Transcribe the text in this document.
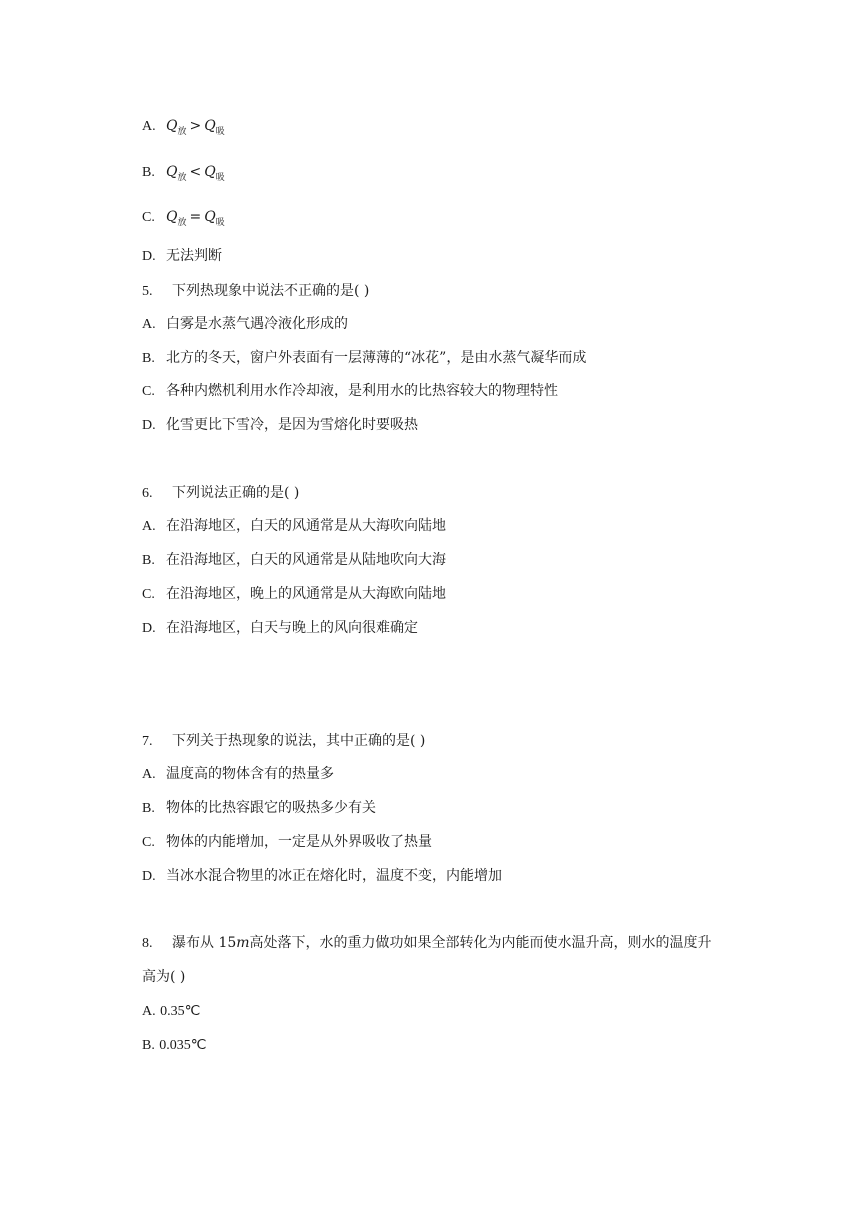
A. $Q_放 > Q_吸$
B. $Q_放 < Q_吸$
C. $Q_放 = Q_吸$
D. 无法判断
5. 下列热现象中说法不正确的是( )
A. 白雾是水蒸气遇冷液化形成的
B. 北方的冬天，窗户外表面有一层薄薄的“冰花”，是由水蒸气凝华而成
C. 各种内燃机利用水作冷却液，是利用水的比热容较大的物理特性
D. 化雪更比下雪冷，是因为雪熔化时要吸热
6. 下列说法正确的是( )
A. 在沿海地区，白天的风通常是从大海吹向陆地
B. 在沿海地区，白天的风通常是从陆地吹向大海
C. 在沿海地区，晚上的风通常是从大海欧向陆地
D. 在沿海地区，白天与晚上的风向很难确定
7. 下列关于热现象的说法，其中正确的是( )
A. 温度高的物体含有的热量多
B. 物体的比热容跟它的吸热多少有关
C. 物体的内能增加，一定是从外界吸收了热量
D. 当冰水混合物里的冰正在熔化时，温度不变，内能增加
8. 瀑布从 15m高处落下，水的重力做功如果全部转化为内能而使水温升高，则水的温度升
高为( )
A. 0.35℃
B. 0.035℃
